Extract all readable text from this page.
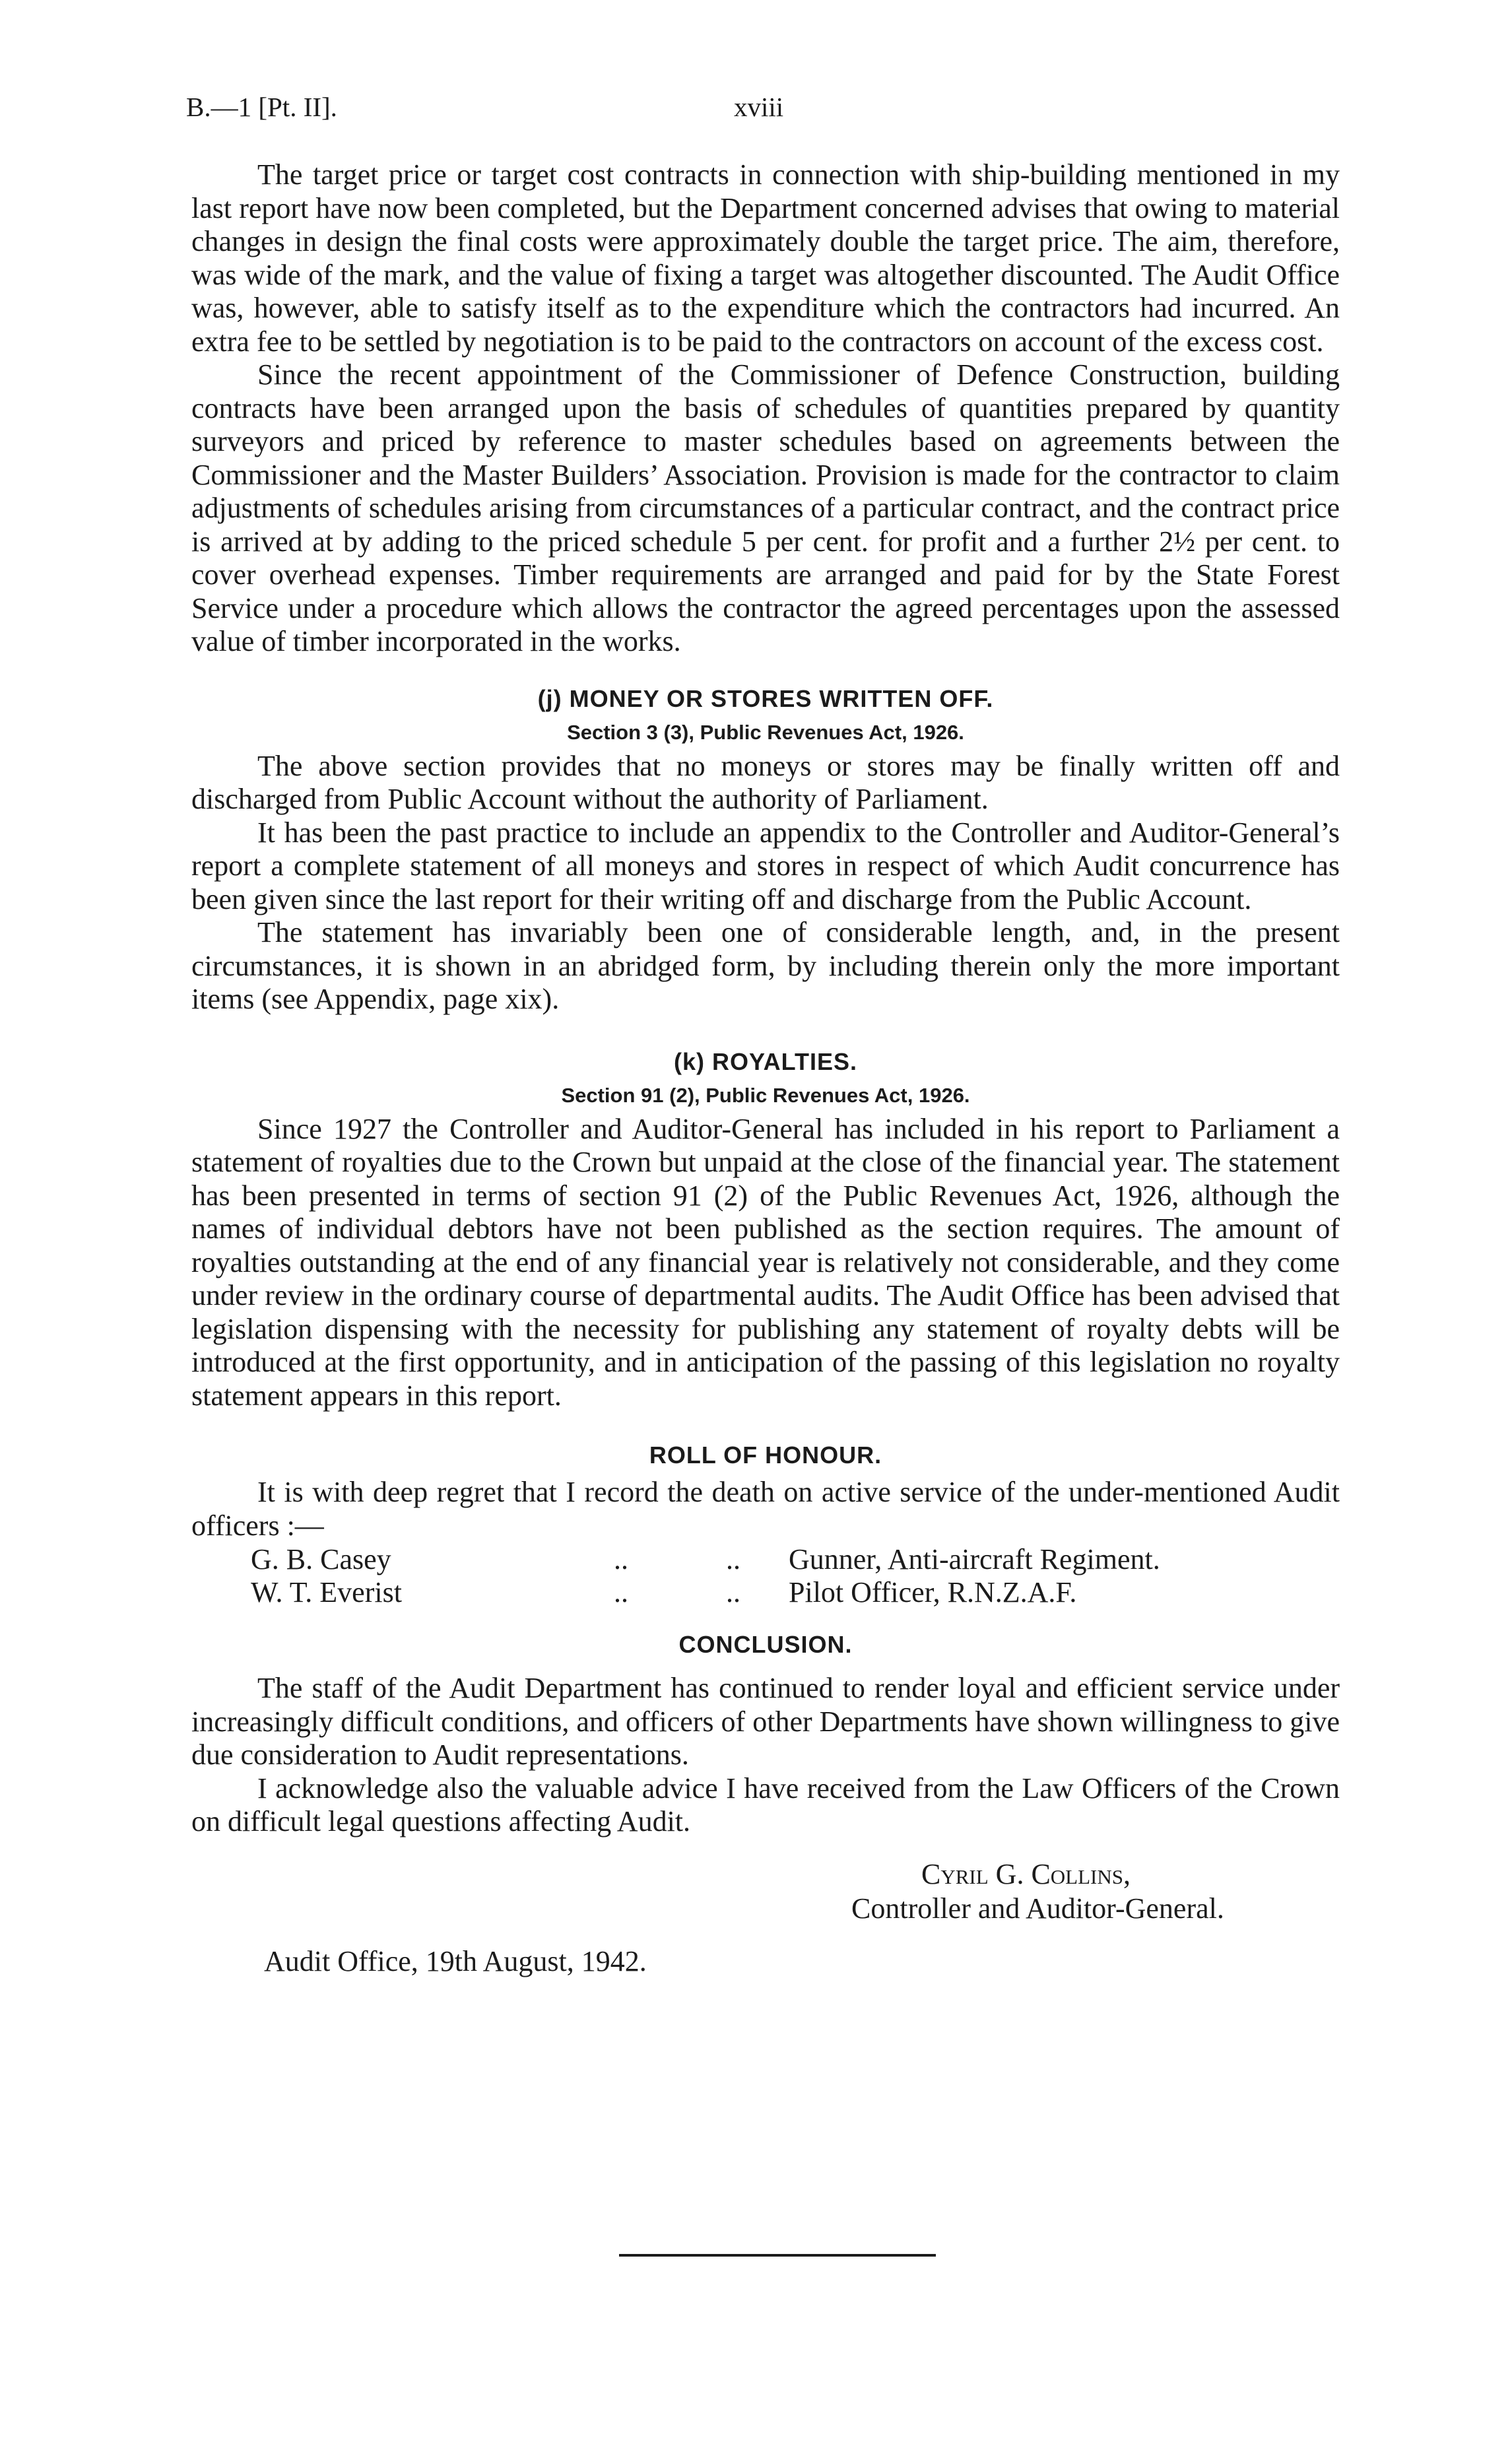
B.—1 [Pt. II].	xviii

The target price or target cost contracts in connection with ship-building mentioned in my last report have now been completed, but the Department concerned advises that owing to material changes in design the final costs were approximately double the target price. The aim, therefore, was wide of the mark, and the value of fixing a target was altogether discounted. The Audit Office was, however, able to satisfy itself as to the expenditure which the contractors had incurred. An extra fee to be settled by negotiation is to be paid to the contractors on account of the excess cost.

Since the recent appointment of the Commissioner of Defence Construction, building contracts have been arranged upon the basis of schedules of quantities prepared by quantity surveyors and priced by reference to master schedules based on agreements between the Commissioner and the Master Builders’ Association. Provision is made for the contractor to claim adjustments of schedules arising from circumstances of a particular contract, and the contract price is arrived at by adding to the priced schedule 5 per cent. for profit and a further 2½ per cent. to cover overhead expenses. Timber requirements are arranged and paid for by the State Forest Service under a procedure which allows the contractor the agreed percentages upon the assessed value of timber incorporated in the works.

(j) MONEY OR STORES WRITTEN OFF.
Section 3 (3), Public Revenues Act, 1926.

The above section provides that no moneys or stores may be finally written off and discharged from Public Account without the authority of Parliament.

It has been the past practice to include an appendix to the Controller and Auditor-General’s report a complete statement of all moneys and stores in respect of which Audit concurrence has been given since the last report for their writing off and discharge from the Public Account.

The statement has invariably been one of considerable length, and, in the present circumstances, it is shown in an abridged form, by including therein only the more important items (see Appendix, page xix).

(k) ROYALTIES.
Section 91 (2), Public Revenues Act, 1926.

Since 1927 the Controller and Auditor-General has included in his report to Parliament a statement of royalties due to the Crown but unpaid at the close of the financial year. The statement has been presented in terms of section 91 (2) of the Public Revenues Act, 1926, although the names of individual debtors have not been published as the section requires. The amount of royalties outstanding at the end of any financial year is relatively not considerable, and they come under review in the ordinary course of departmental audits. The Audit Office has been advised that legislation dispensing with the necessity for publishing any statement of royalty debts will be introduced at the first opportunity, and in anticipation of the passing of this legislation no royalty statement appears in this report.

ROLL OF HONOUR.

It is with deep regret that I record the death on active service of the under-mentioned Audit officers :—

G. B. Casey	..	.. Gunner, Anti-aircraft Regiment.
W. T. Everist	..	.. Pilot Officer, R.N.Z.A.F.
CONCLUSION.

The staff of the Audit Department has continued to render loyal and efficient service under increasingly difficult conditions, and officers of other Departments have shown willingness to give due consideration to Audit representations.

I acknowledge also the valuable advice I have received from the Law Officers of the Crown on difficult legal questions affecting Audit.

Cyril G. Collins,
Controller and Auditor-General.
Audit Office, 19th August, 1942.
